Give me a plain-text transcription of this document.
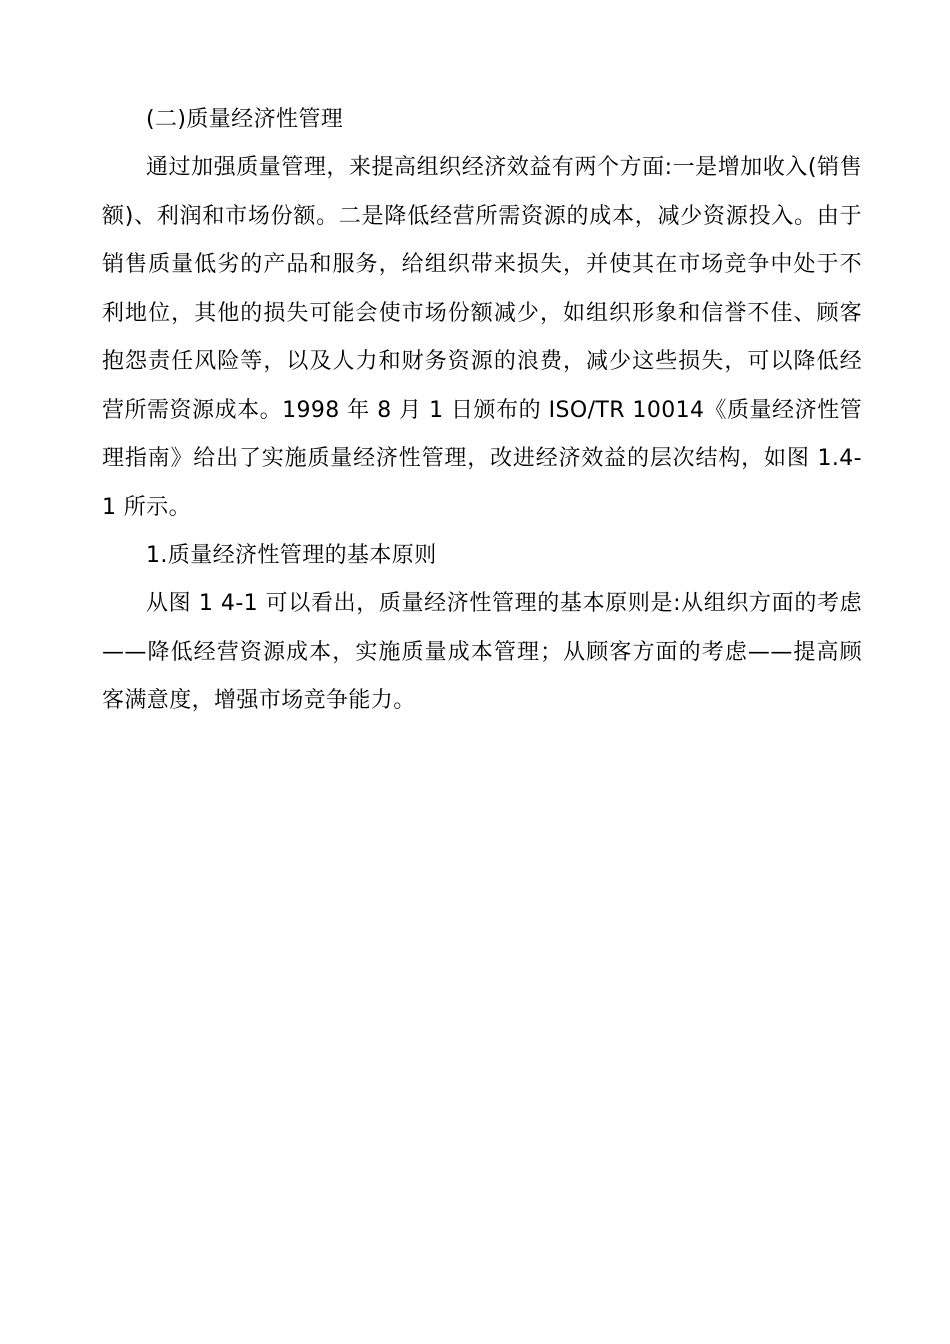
(二)质量经济性管理

通过加强质量管理，来提高组织经济效益有两个方面:一是增加收入(销售额)、利润和市场份额。二是降低经营所需资源的成本，减少资源投入。由于销售质量低劣的产品和服务，给组织带来损失，并使其在市场竞争中处于不利地位，其他的损失可能会使市场份额减少，如组织形象和信誉不佳、顾客抱怨责任风险等，以及人力和财务资源的浪费，减少这些损失，可以降低经营所需资源成本。1998 年 8 月 1 日颁布的 ISO/TR 10014《质量经济性管理指南》给出了实施质量经济性管理，改进经济效益的层次结构，如图 1.4-1 所示。

1.质量经济性管理的基本原则

从图 1 4-1 可以看出，质量经济性管理的基本原则是:从组织方面的考虑——降低经营资源成本，实施质量成本管理；从顾客方面的考虑——提高顾客满意度，增强市场竞争能力。
